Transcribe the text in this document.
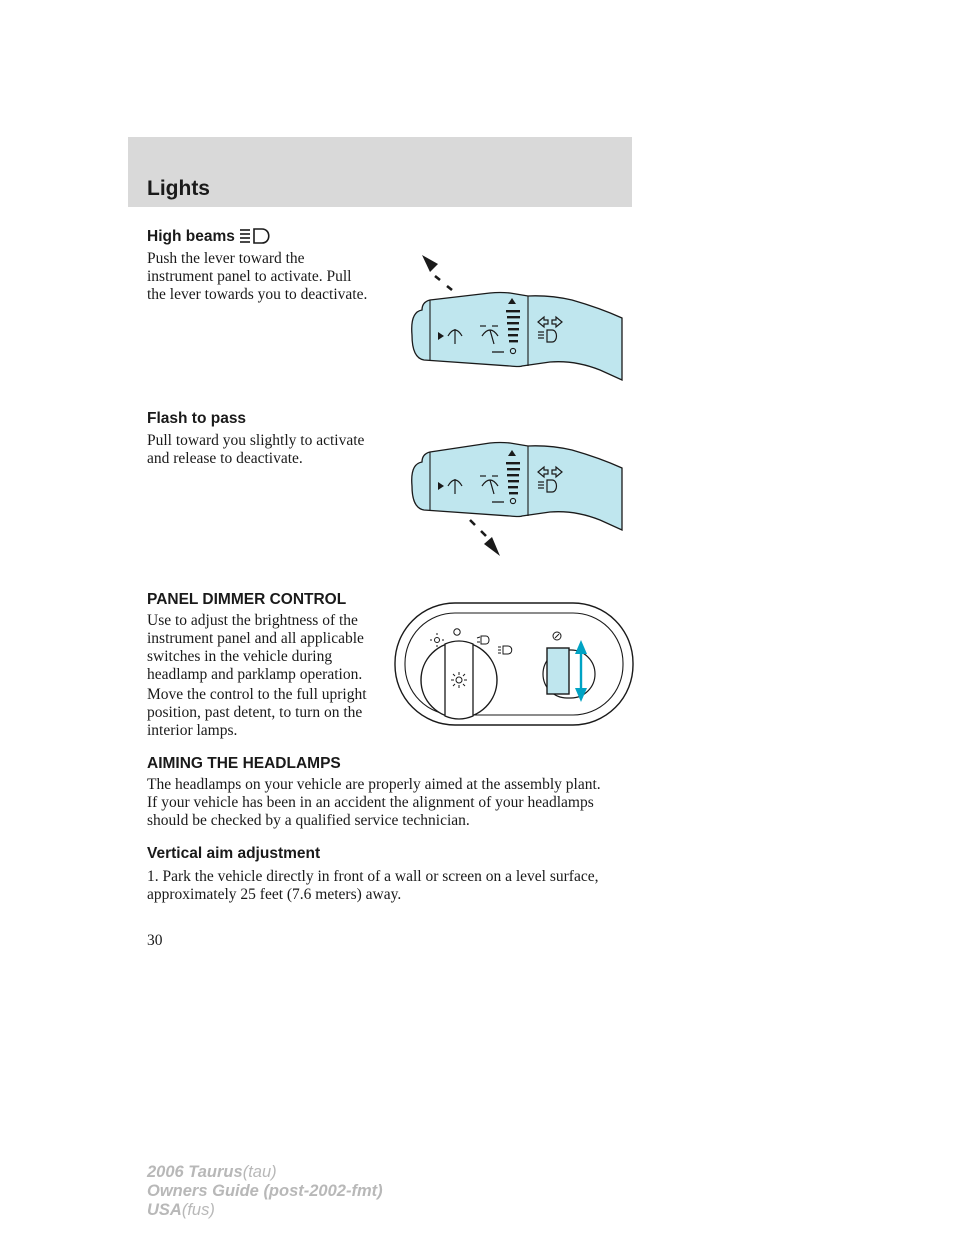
Lights

High beams

Push the lever toward the
instrument panel to activate. Pull
the lever towards you to deactivate.

Flash to pass

Pull toward you slightly to activate
and release to deactivate.

PANEL DIMMER CONTROL

Use to adjust the brightness of the
instrument panel and all applicable
switches in the vehicle during
headlamp and parklamp operation.

Move the control to the full upright
position, past detent, to turn on the
interior lamps.

AIMING THE HEADLAMPS

The headlamps on your vehicle are properly aimed at the assembly plant.
If your vehicle has been in an accident the alignment of your headlamps
should be checked by a qualified service technician.

Vertical aim adjustment

1. Park the vehicle directly in front of a wall or screen on a level surface,
approximately 25 feet (7.6 meters) away.

30

2006 Taurus(tau)
Owners Guide (post-2002-fmt)
USA(fus)
